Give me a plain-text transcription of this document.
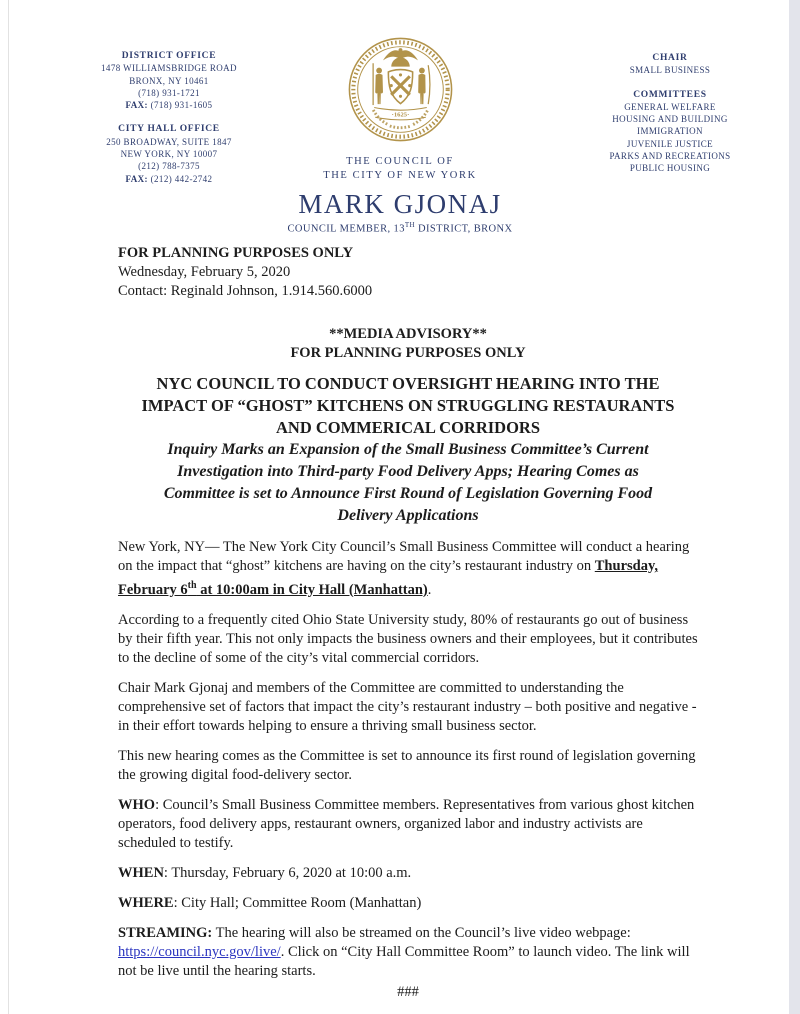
DISTRICT OFFICE
1478 WILLIAMSBRIDGE ROAD
BRONX, NY 10461
(718) 931-1721
FAX: (718) 931-1605
CITY HALL OFFICE
250 BROADWAY, SUITE 1847
NEW YORK, NY 10007
(212) 788-7375
FAX: (212) 442-2742
·1625·
THE COUNCIL OF
THE CITY OF NEW YORK
MARK GJONAJ
COUNCIL MEMBER, 13TH DISTRICT, BRONX
CHAIR
SMALL BUSINESS
COMMITTEES
GENERAL WELFARE
HOUSING AND BUILDING
IMMIGRATION
JUVENILE JUSTICE
PARKS AND RECREATIONS
PUBLIC HOUSING
FOR PLANNING PURPOSES ONLY
Wednesday, February 5, 2020
Contact: Reginald Johnson, 1.914.560.6000
**MEDIA ADVISORY**
FOR PLANNING PURPOSES ONLY
NYC COUNCIL TO CONDUCT OVERSIGHT HEARING INTO THE
IMPACT OF “GHOST” KITCHENS ON STRUGGLING RESTAURANTS
AND COMMERICAL CORRIDORS
Inquiry Marks an Expansion of the Small Business Committee’s Current
Investigation into Third-party Food Delivery Apps; Hearing Comes as
Committee is set to Announce First Round of Legislation Governing Food
Delivery Applications
New York, NY— The New York City Council’s Small Business Committee will conduct a hearing on the impact that “ghost” kitchens are having on the city’s restaurant industry on Thursday, February 6th at 10:00am in City Hall (Manhattan).
According to a frequently cited Ohio State University study, 80% of restaurants go out of business by their fifth year. This not only impacts the business owners and their employees, but it contributes to the decline of some of the city’s vital commercial corridors.
Chair Mark Gjonaj and members of the Committee are committed to understanding the comprehensive set of factors that impact the city’s restaurant industry – both positive and negative - in their effort towards helping to ensure a thriving small business sector.
This new hearing comes as the Committee is set to announce its first round of legislation governing the growing digital food-delivery sector.
WHO: Council’s Small Business Committee members. Representatives from various ghost kitchen operators, food delivery apps, restaurant owners, organized labor and industry activists are scheduled to testify.
WHEN: Thursday, February 6, 2020 at 10:00 a.m.
WHERE: City Hall; Committee Room (Manhattan)
STREAMING: The hearing will also be streamed on the Council’s live video webpage: https://council.nyc.gov/live/. Click on “City Hall Committee Room” to launch video. The link will not be live until the hearing starts.
###
